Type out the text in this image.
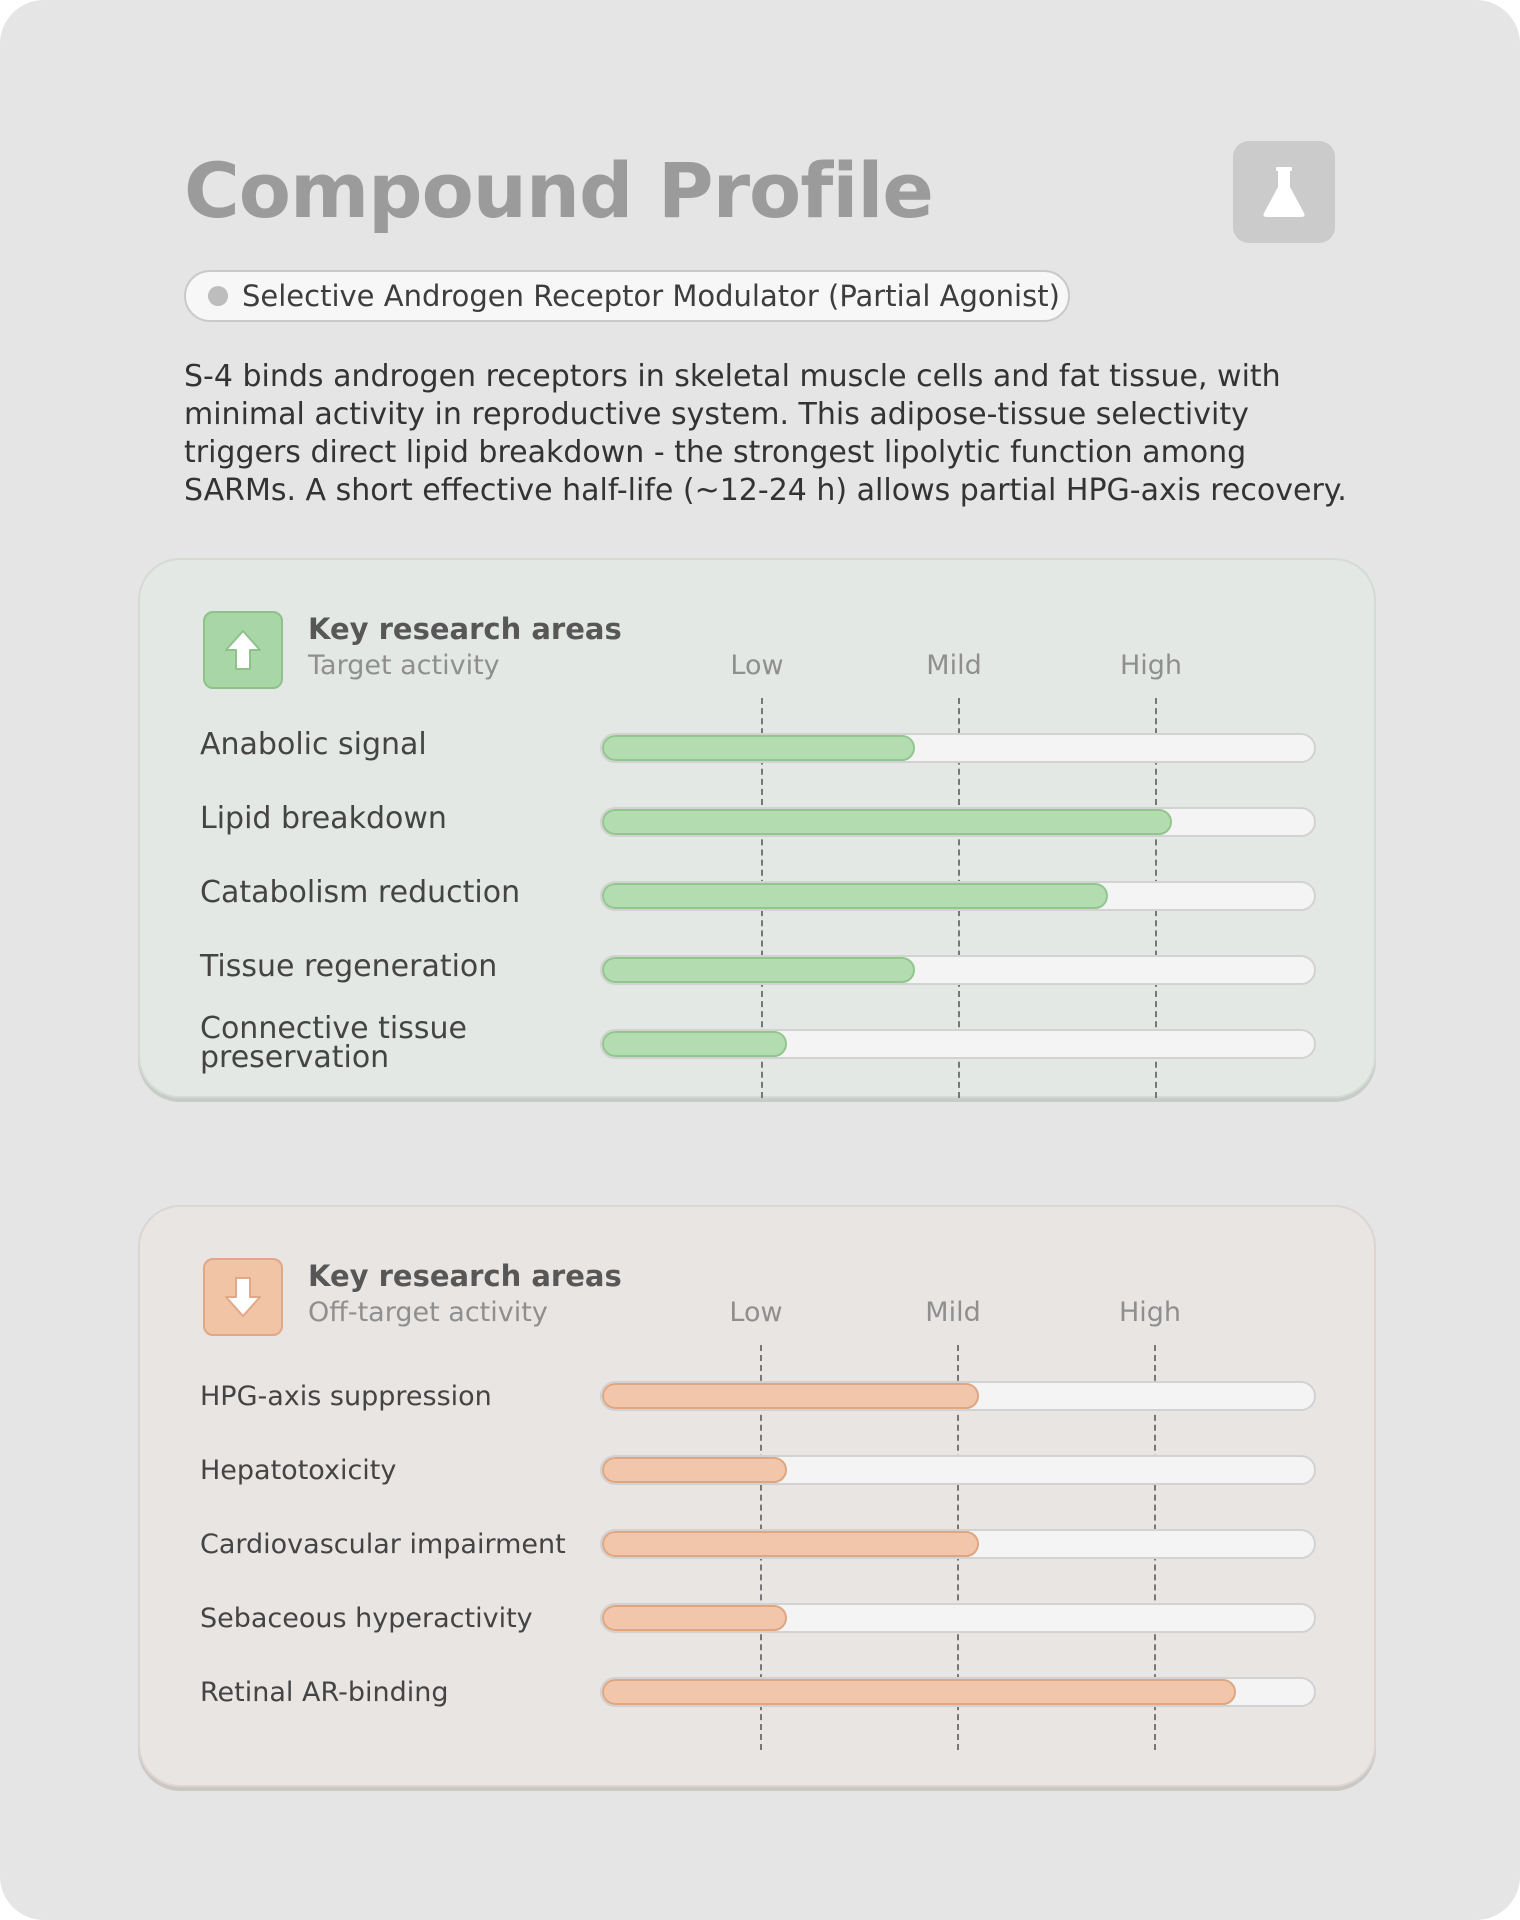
Compound Profile
Selective Androgen Receptor Modulator (Partial Agonist)
S-4 binds androgen receptors in skeletal muscle cells and fat tissue, with minimal activity in reproductive system. This adipose-tissue selectivity triggers direct lipid breakdown - the strongest lipolytic function among SARMs. A short effective half-life (~12-24 h) allows partial HPG-axis recovery.
Key research areas
Target activity	Low	Mild	High
Anabolic signal
Lipid breakdown
Catabolism reduction
Tissue regeneration
Connective tissue preservation
Key research areas
Off-target activity	Low	Mild	High
HPG-axis suppression
Hepatotoxicity
Cardiovascular impairment
Sebaceous hyperactivity
Retinal AR-binding
